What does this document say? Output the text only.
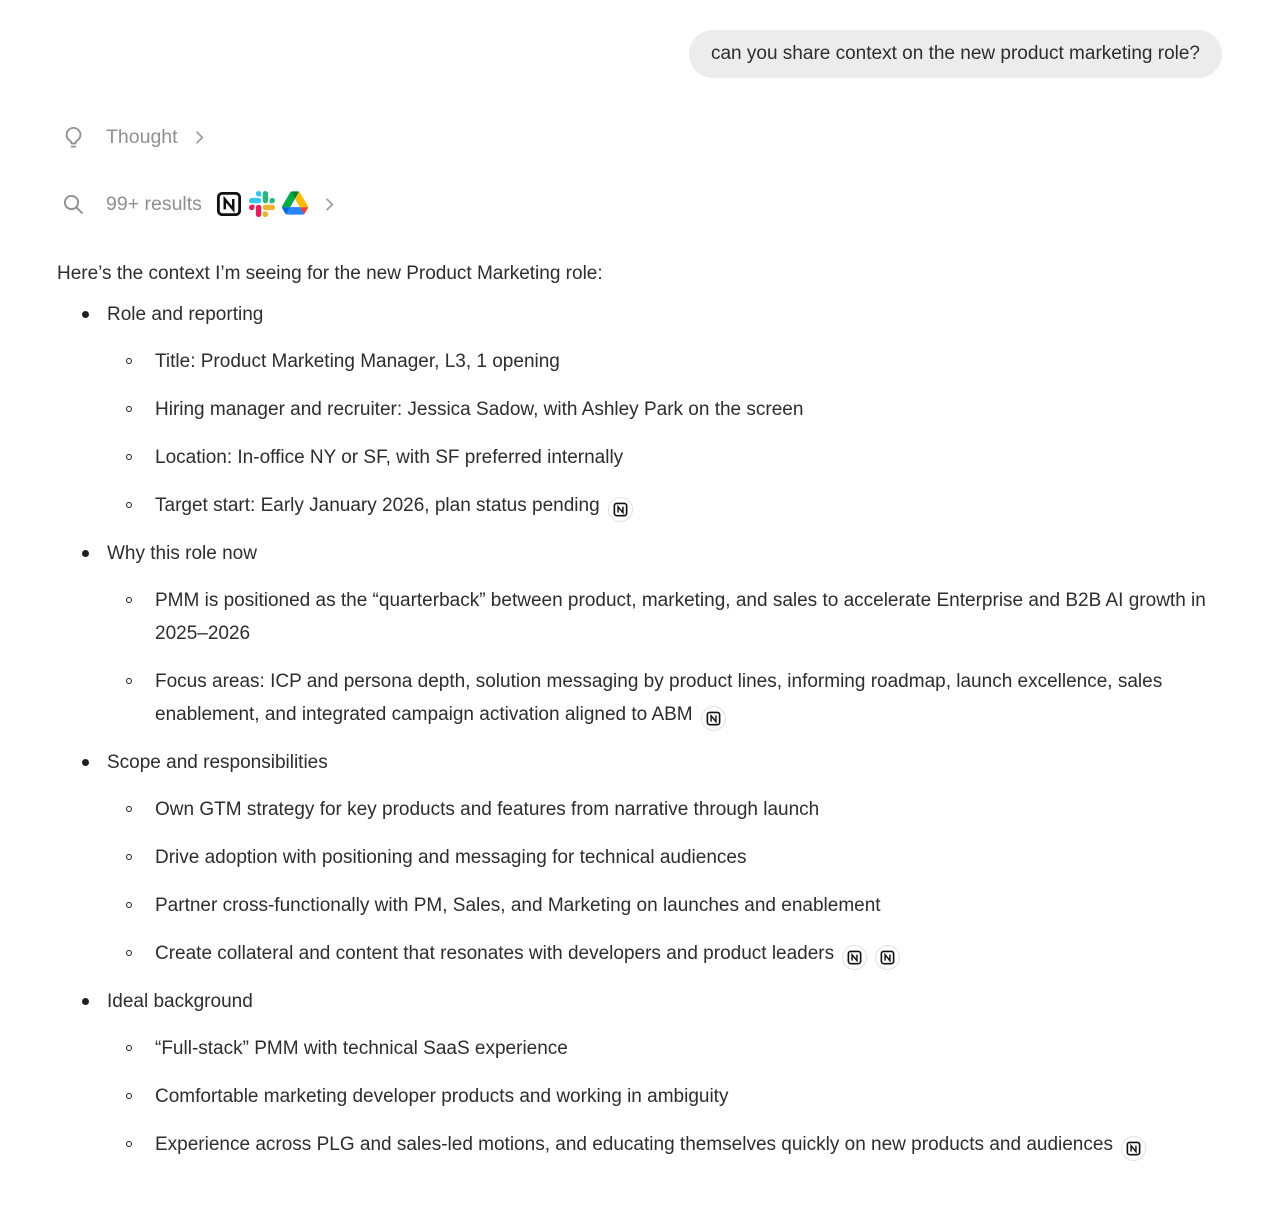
can you share context on the new product marketing role?
Thought
99+ results

Here’s the context I’m seeing for the new Product Marketing role:

Role and reporting
Title: Product Marketing Manager, L3, 1 opening
Hiring manager and recruiter: Jessica Sadow, with Ashley Park on the screen
Location: In-office NY or SF, with SF preferred internally
Target start: Early January 2026, plan status pending
Why this role now
PMM is positioned as the “quarterback” between product, marketing, and sales to accelerate Enterprise and B2B AI growth in 2025–2026
Focus areas: ICP and persona depth, solution messaging by product lines, informing roadmap, launch excellence, sales enablement, and integrated campaign activation aligned to ABM
Scope and responsibilities
Own GTM strategy for key products and features from narrative through launch
Drive adoption with positioning and messaging for technical audiences
Partner cross-functionally with PM, Sales, and Marketing on launches and enablement
Create collateral and content that resonates with developers and product leaders
Ideal background
“Full-stack” PMM with technical SaaS experience
Comfortable marketing developer products and working in ambiguity
Experience across PLG and sales-led motions, and educating themselves quickly on new products and audiences
